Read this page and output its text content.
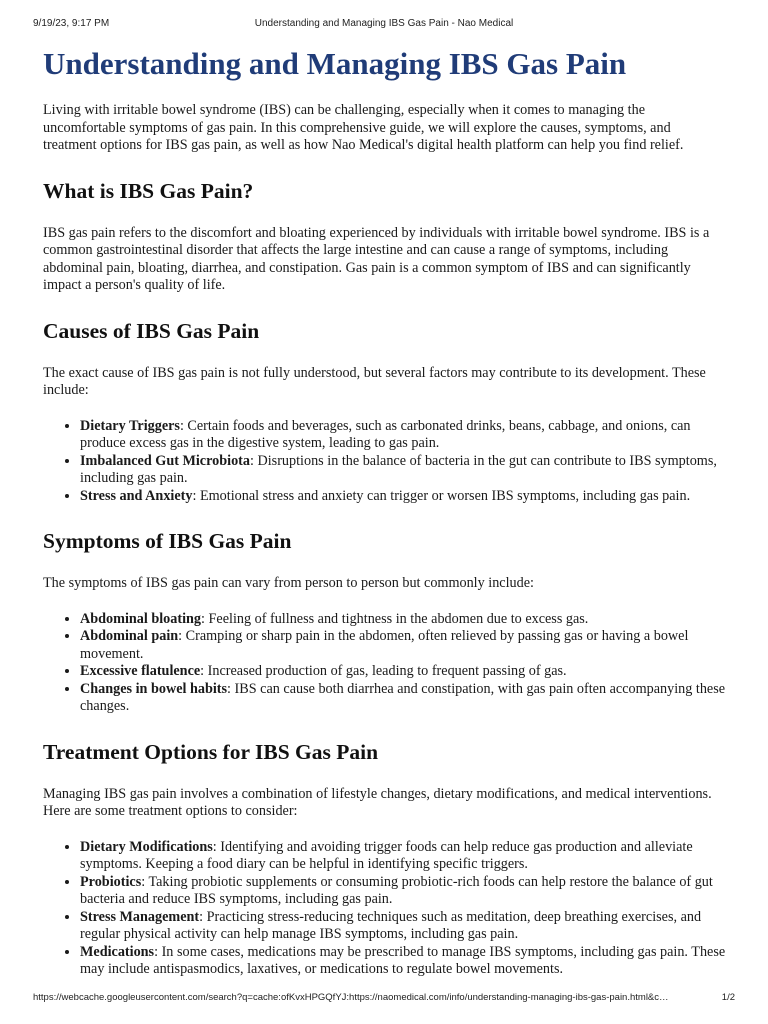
9/19/23, 9:17 PM	Understanding and Managing IBS Gas Pain - Nao Medical
Understanding and Managing IBS Gas Pain

Living with irritable bowel syndrome (IBS) can be challenging, especially when it comes to managing the uncomfortable symptoms of gas pain. In this comprehensive guide, we will explore the causes, symptoms, and treatment options for IBS gas pain, as well as how Nao Medical's digital health platform can help you find relief.

What is IBS Gas Pain?

IBS gas pain refers to the discomfort and bloating experienced by individuals with irritable bowel syndrome. IBS is a common gastrointestinal disorder that affects the large intestine and can cause a range of symptoms, including abdominal pain, bloating, diarrhea, and constipation. Gas pain is a common symptom of IBS and can significantly impact a person's quality of life.

Causes of IBS Gas Pain

The exact cause of IBS gas pain is not fully understood, but several factors may contribute to its development. These include:

• Dietary Triggers: Certain foods and beverages, such as carbonated drinks, beans, cabbage, and onions, can produce excess gas in the digestive system, leading to gas pain.
• Imbalanced Gut Microbiota: Disruptions in the balance of bacteria in the gut can contribute to IBS symptoms, including gas pain.
• Stress and Anxiety: Emotional stress and anxiety can trigger or worsen IBS symptoms, including gas pain.
Symptoms of IBS Gas Pain

The symptoms of IBS gas pain can vary from person to person but commonly include:

• Abdominal bloating: Feeling of fullness and tightness in the abdomen due to excess gas.
• Abdominal pain: Cramping or sharp pain in the abdomen, often relieved by passing gas or having a bowel movement.
• Excessive flatulence: Increased production of gas, leading to frequent passing of gas.
• Changes in bowel habits: IBS can cause both diarrhea and constipation, with gas pain often accompanying these changes.
Treatment Options for IBS Gas Pain

Managing IBS gas pain involves a combination of lifestyle changes, dietary modifications, and medical interventions. Here are some treatment options to consider:

• Dietary Modifications: Identifying and avoiding trigger foods can help reduce gas production and alleviate symptoms. Keeping a food diary can be helpful in identifying specific triggers.
• Probiotics: Taking probiotic supplements or consuming probiotic-rich foods can help restore the balance of gut bacteria and reduce IBS symptoms, including gas pain.
• Stress Management: Practicing stress-reducing techniques such as meditation, deep breathing exercises, and regular physical activity can help manage IBS symptoms, including gas pain.
• Medications: In some cases, medications may be prescribed to manage IBS symptoms, including gas pain. These may include antispasmodics, laxatives, or medications to regulate bowel movements.
https://webcache.googleusercontent.com/search?q=cache:ofKvxHPGQfYJ:https://naomedical.com/info/understanding-managing-ibs-gas-pain.html&c…	1/2
